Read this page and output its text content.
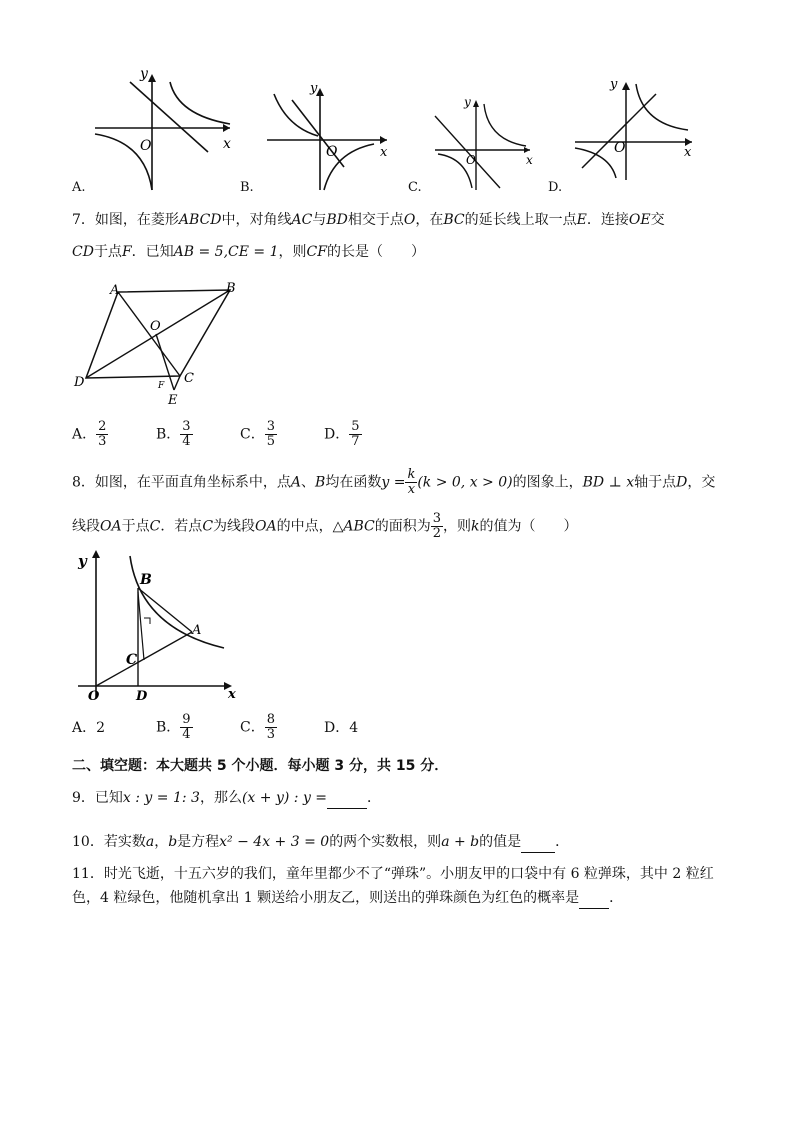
y
x
O
A.
y
x
O
B.
y
x
O
C.
y
x
O
D.
7．如图，在菱形ABCD中，对角线AC与BD相交于点O，在BC的延长线上取一点E．连接OE交
CD于点F．已知AB = 5,CE = 1，则CF的长是（　　）
A	B
O
D	C
F
E
A． $\frac{2}{3}$	B． $\frac{3}{4}$	C． $\frac{3}{5}$	D． $\frac{5}{7}$
8．如图，在平面直角坐标系中，点A、B均在函数$y = \frac{k}{x} (k > 0$, x > 0)的图象上，BD ⊥ x轴于点D，交
线段OA于点C．若点C为线段OA的中点，△ABC的面积为 $\frac{3}{2}$ ，则k的值为（　　）
y
B
A
C
O	D	x
A．2	B． $\frac{9}{4}$	C． $\frac{8}{3}$	D．4
二、填空题：本大题共 5 个小题．每小题 3 分，共 15 分．
9．已知x : y = 1: 3，那么(x + y) : y =	．
10．若实数a，b是方程x² − 4x + 3 = 0的两个实数根，则a + b的值是 ．
11．时光飞逝，十五六岁的我们，童年里都少不了“弹珠”。小朋友甲的口袋中有 6 粒弹珠，其中 2 粒红
色，4 粒绿色，他随机拿出 1 颗送给小朋友乙，则送出的弹珠颜色为红色的概率是 ．
